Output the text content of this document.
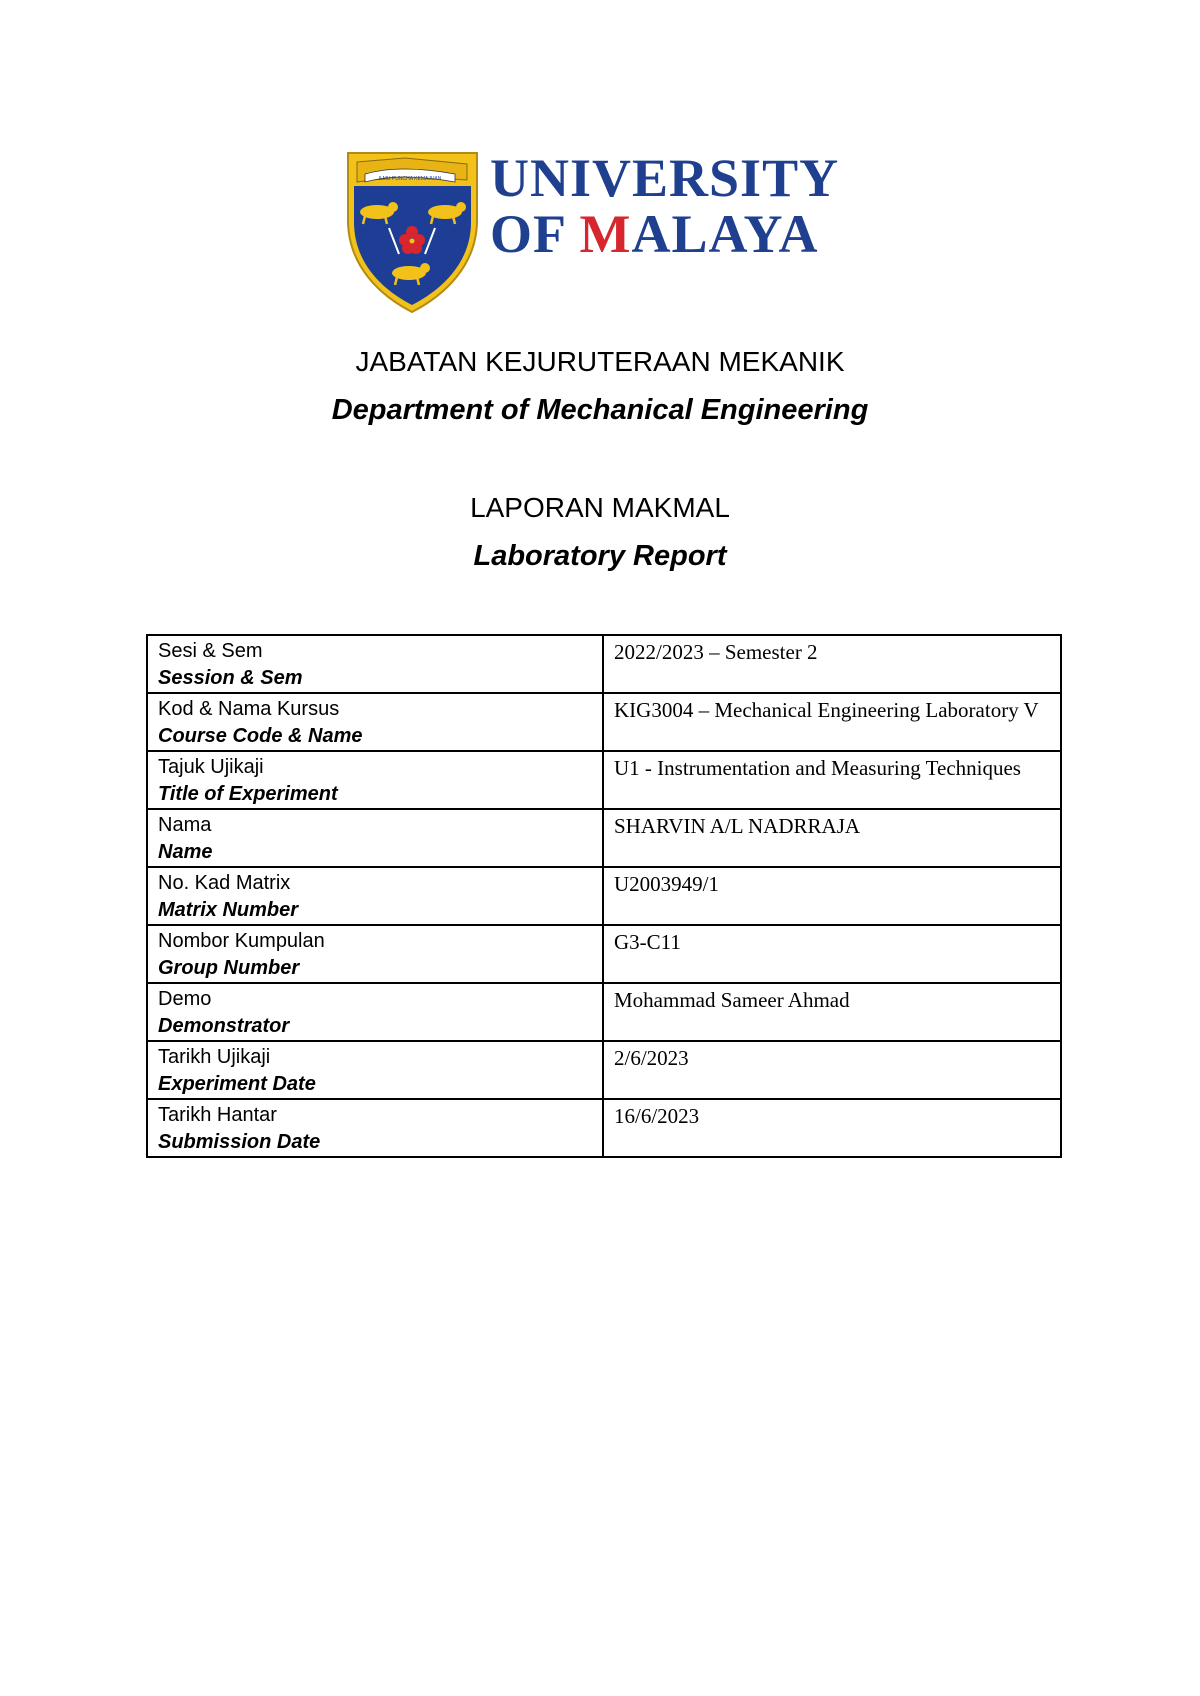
ILMU PUNCHA KEMAJUAN UNIVERSITY
OF MALAYA
JABATAN KEJURUTERAAN MEKANIK
Department of Mechanical Engineering
LAPORAN MAKMAL
Laboratory Report
Sesi & Sem
Session & Sem	2022/2023 – Semester 2

Kod & Nama Kursus
Course Code & Name	KIG3004 – Mechanical Engineering Laboratory V

Tajuk Ujikaji
Title of Experiment	U1 - Instrumentation and Measuring Techniques

Nama
Name	SHARVIN A/L NADRRAJA

No. Kad Matrix
Matrix Number	U2003949/1

Nombor Kumpulan
Group Number	G3-C11

Demo
Demonstrator	Mohammad Sameer Ahmad

Tarikh Ujikaji
Experiment Date	2/6/2023

Tarikh Hantar
Submission Date	16/6/2023
